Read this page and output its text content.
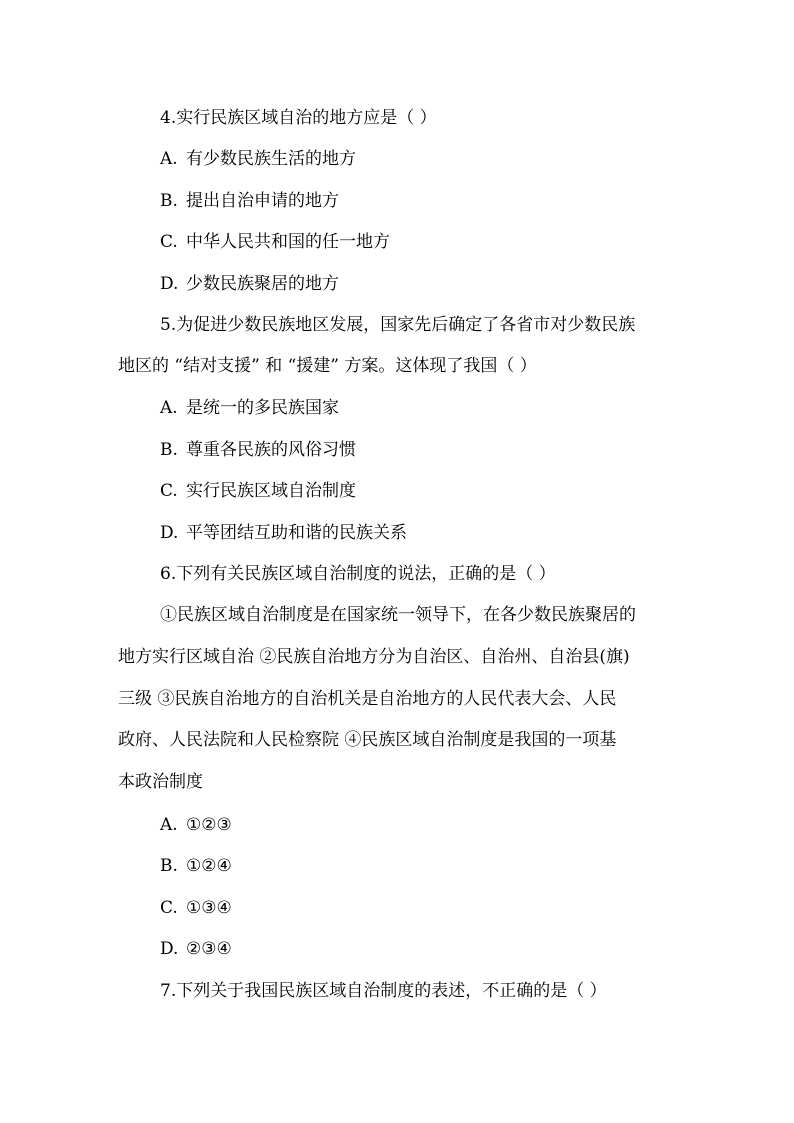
4.实行民族区域自治的地方应是（ ）
A. 有少数民族生活的地方
B. 提出自治申请的地方
C. 中华人民共和国的任一地方
D. 少数民族聚居的地方
5.为促进少数民族地区发展，国家先后确定了各省市对少数民族
地区的 “结对支援” 和 “援建” 方案。这体现了我国（ ）
A. 是统一的多民族国家
B. 尊重各民族的风俗习惯
C. 实行民族区域自治制度
D. 平等团结互助和谐的民族关系
6.下列有关民族区域自治制度的说法，正确的是（ ）
①民族区域自治制度是在国家统一领导下，在各少数民族聚居的
地方实行区域自治 ②民族自治地方分为自治区、自治州、自治县(旗)
三级 ③民族自治地方的自治机关是自治地方的人民代表大会、人民
政府、人民法院和人民检察院 ④民族区域自治制度是我国的一项基
本政治制度
A. ①②③
B. ①②④
C. ①③④
D. ②③④
7.下列关于我国民族区域自治制度的表述，不正确的是（ ）
